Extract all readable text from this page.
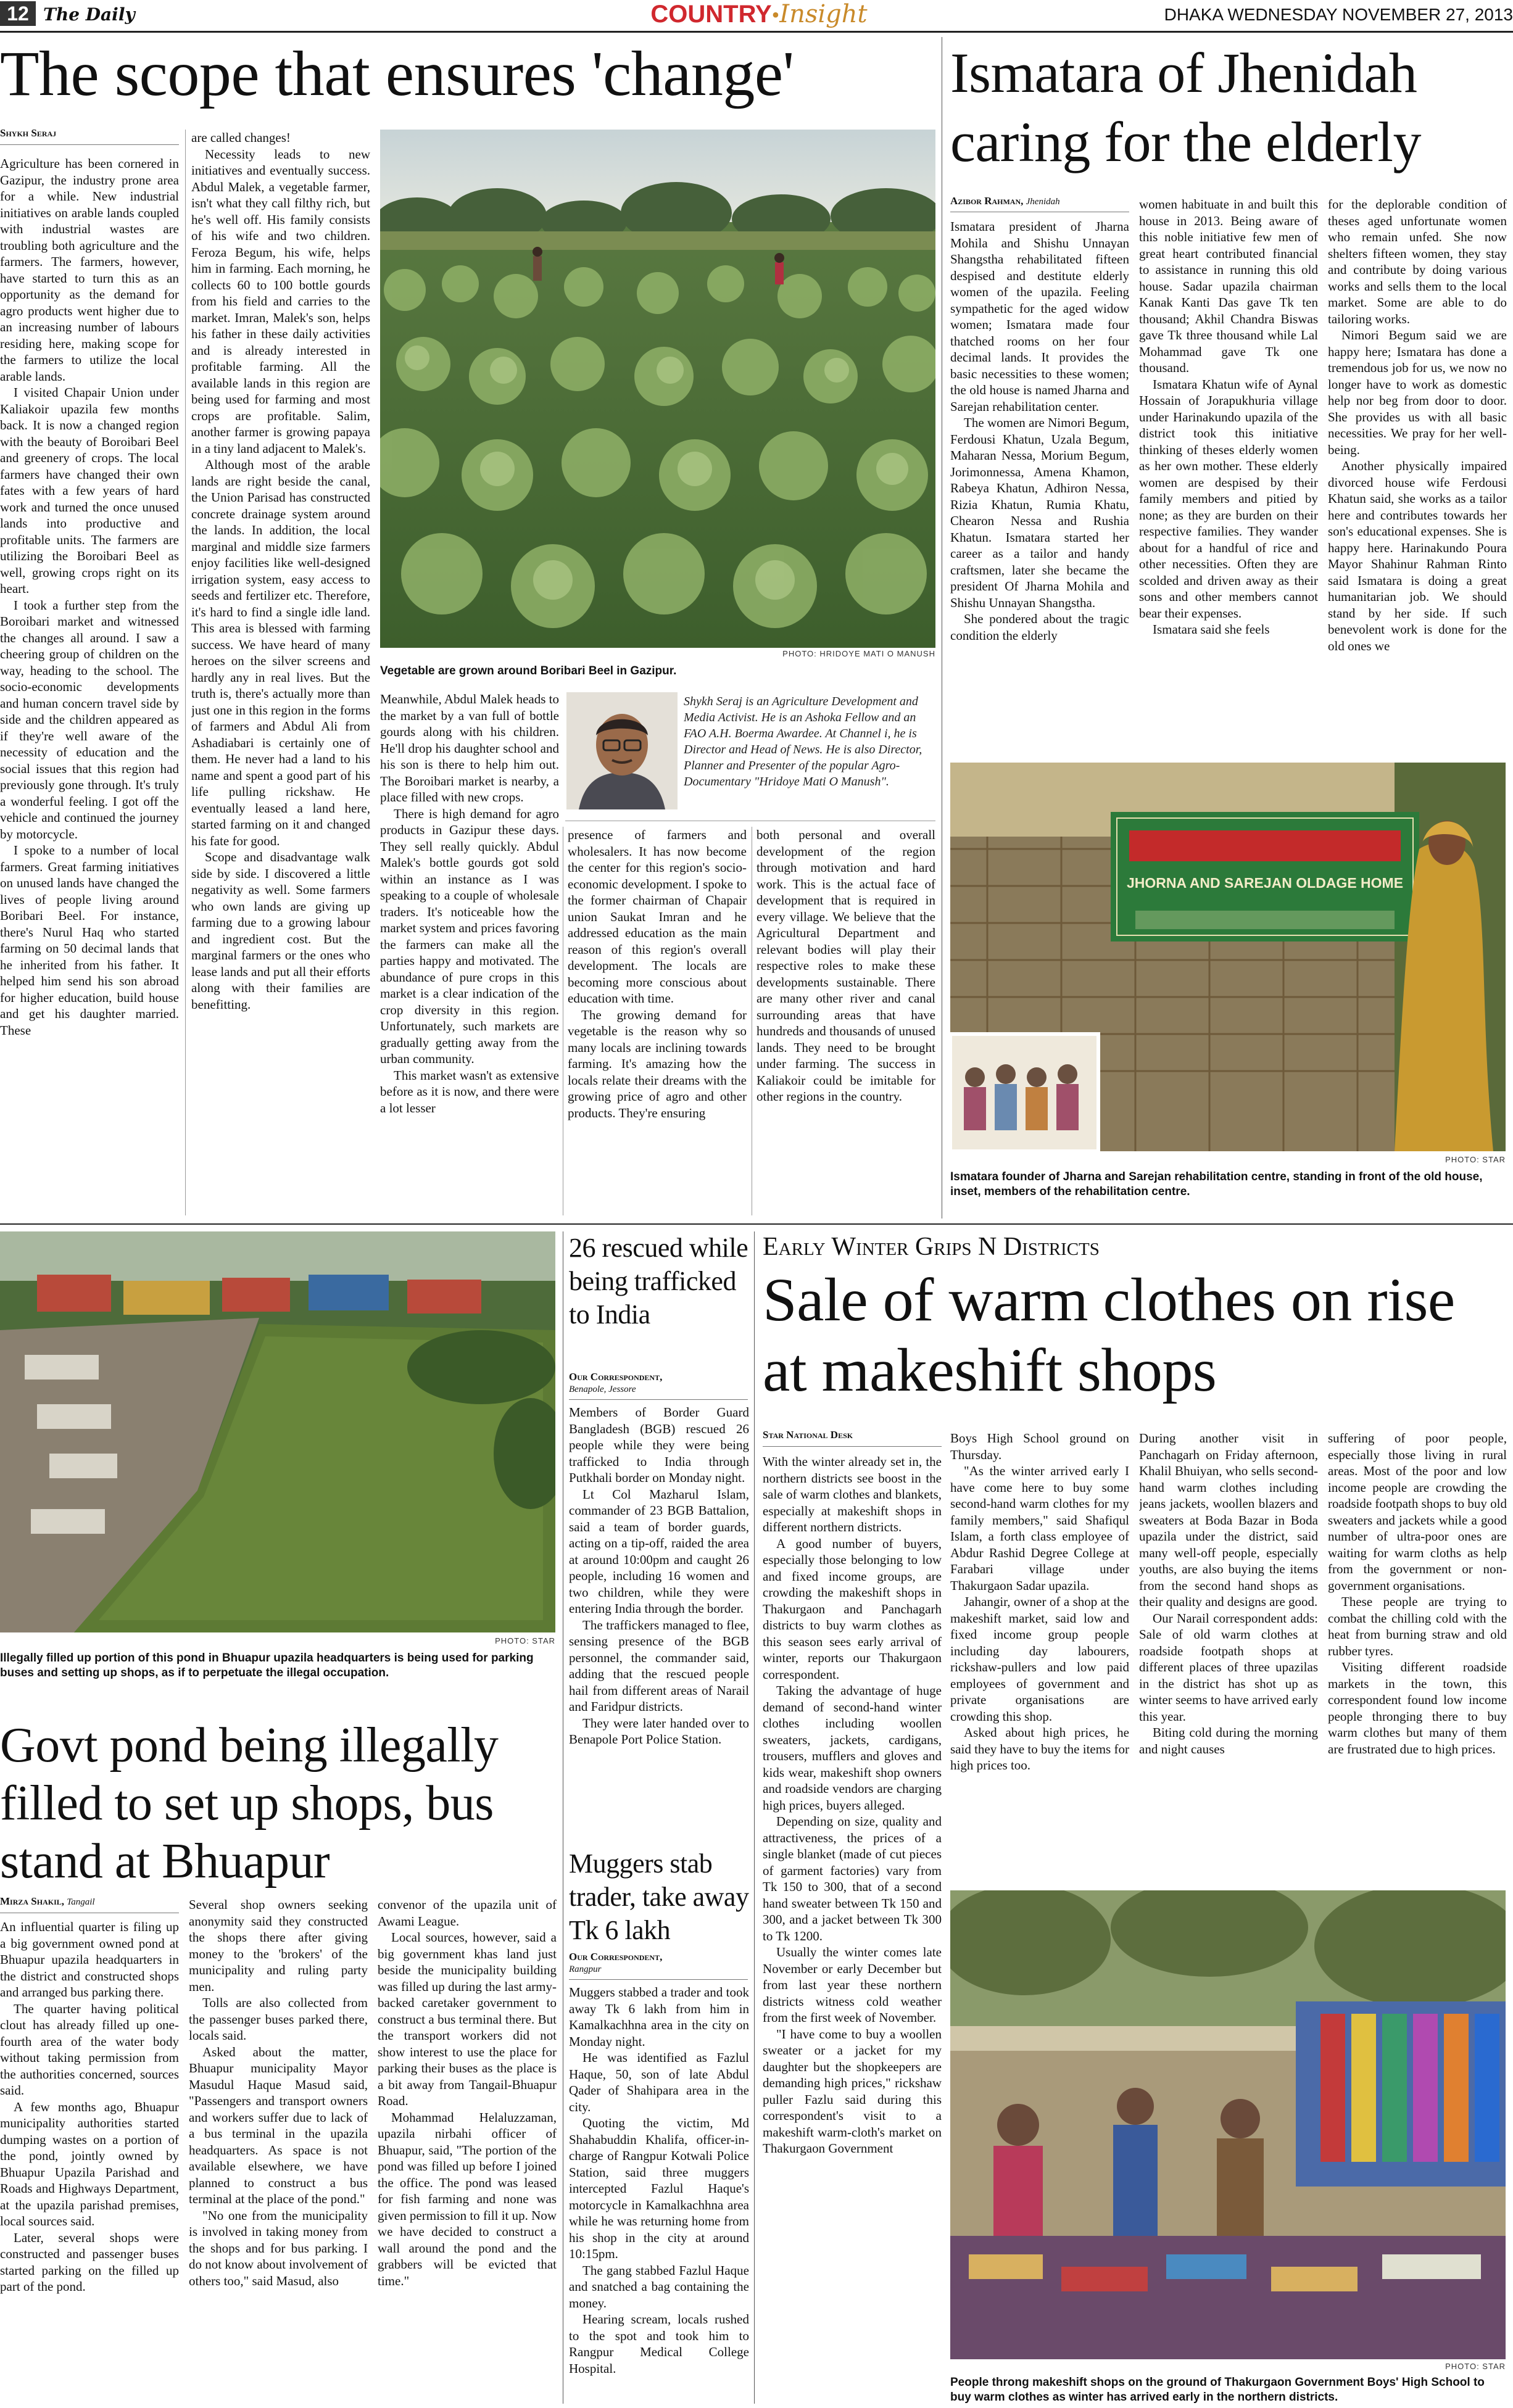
12 The Daily	COUNTRY•Insight	DHAKA WEDNESDAY NOVEMBER 27, 2013
The scope that ensures 'change'
Shykh Seraj
Agriculture has been cornered in Gazipur, the industry prone area for a while. New industrial initiatives on arable lands coupled with industrial wastes are troubling both agriculture and the farmers. The farmers, however, have started to turn this as an opportunity as the demand for agro products went higher due to an increasing number of labours residing here, making scope for the farmers to utilize the local arable lands.
I visited Chapair Union under Kaliakoir upazila few months back. It is now a changed region with the beauty of Boroibari Beel and greenery of crops. The local farmers have changed their own fates with a few years of hard work and turned the once unused lands into productive and profitable units. The farmers are utilizing the Boroibari Beel as well, growing crops right on its heart.
I took a further step from the Boroibari market and witnessed the changes all around. I saw a cheering group of children on the way, heading to the school. The socio-economic developments and human concern travel side by side and the children appeared as if they're well aware of the necessity of education and the social issues that this region had previously gone through. It's truly a wonderful feeling. I got off the vehicle and continued the journey by motorcycle.
I spoke to a number of local farmers. Great farming initiatives on unused lands have changed the lives of people living around Boribari Beel. For instance, there's Nurul Haq who started farming on 50 decimal lands that he inherited from his father. It helped him send his son abroad for higher education, build house and get his daughter married. These
are called changes!
Necessity leads to new initiatives and eventually success. Abdul Malek, a vegetable farmer, isn't what they call filthy rich, but he's well off. His family consists of his wife and two children. Feroza Begum, his wife, helps him in farming. Each morning, he collects 60 to 100 bottle gourds from his field and carries to the market. Imran, Malek's son, helps his father in these daily activities and is already interested in profitable farming. All the available lands in this region are being used for farming and most crops are profitable. Salim, another farmer is growing papaya in a tiny land adjacent to Malek's.
Although most of the arable lands are right beside the canal, the Union Parisad has constructed concrete drainage system around the lands. In addition, the local marginal and middle size farmers enjoy facilities like well-designed irrigation system, easy access to seeds and fertilizer etc. Therefore, it's hard to find a single idle land. This area is blessed with farming success. We have heard of many heroes on the silver screens and hardly any in real lives. But the truth is, there's actually more than just one in this region in the forms of farmers and Abdul Ali from Ashadiabari is certainly one of them. He never had a land to his name and spent a good part of his life pulling rickshaw. He eventually leased a land here, started farming on it and changed his fate for good.
Scope and disadvantage walk side by side. I discovered a little negativity as well. Some farmers who own lands are giving up farming due to a growing labour and ingredient cost. But the marginal farmers or the ones who lease lands and put all their efforts along with their families are benefitting.
PHOTO: HRIDOYE MATI O MANUSH
Vegetable are grown around Boribari Beel in Gazipur.
Shykh Seraj is an Agriculture Development and Media Activist. He is an Ashoka Fellow and an FAO A.H. Boerma Awardee. At Channel i, he is Director and Head of News. He is also Director, Planner and Presenter of the popular Agro-Documentary "Hridoye Mati O Manush".
Meanwhile, Abdul Malek heads to the market by a van full of bottle gourds along with his children. He'll drop his daughter school and his son is there to help him out. The Boroibari market is nearby, a place filled with new crops.
There is high demand for agro products in Gazipur these days. They sell really quickly. Abdul Malek's bottle gourds got sold within an instance as I was speaking to a couple of wholesale traders. It's noticeable how the market system and prices favoring the farmers can make all the parties happy and motivated. The abundance of pure crops in this market is a clear indication of the crop diversity in this region. Unfortunately, such markets are gradually getting away from the urban community.
This market wasn't as extensive before as it is now, and there were a lot lesser
presence of farmers and wholesalers. It has now become the center for this region's socio-economic development. I spoke to the former chairman of Chapair union Saukat Imran and he addressed education as the main reason of this region's overall development. The locals are becoming more conscious about education with time.
The growing demand for vegetable is the reason why so many locals are inclining towards farming. It's amazing how the locals relate their dreams with the growing price of agro and other products. They're ensuring
both personal and overall development of the region through motivation and hard work. This is the actual face of development that is required in every village. We believe that the Agricultural Department and relevant bodies will play their respective roles to make these developments sustainable. There are many other river and canal surrounding areas that have hundreds and thousands of unused lands. They need to be brought under farming. The success in Kaliakoir could be imitable for other regions in the country.
Ismatara of Jhenidah caring for the elderly
Azibor Rahman, Jhenidah
Ismatara president of Jharna Mohila and Shishu Unnayan Shangstha rehabilitated fifteen despised and destitute elderly women of the upazila. Feeling sympathetic for the aged widow women; Ismatara made four thatched rooms on her four decimal lands. It provides the basic necessities to these women; the old house is named Jharna and Sarejan rehabilitation center.
The women are Nimori Begum, Ferdousi Khatun, Uzala Begum, Maharan Nessa, Morium Begum, Jorimonnessa, Amena Khamon, Rabeya Khatun, Adhiron Nessa, Rizia Khatun, Rumia Khatu, Chearon Nessa and Rushia Khatun. Ismatara started her career as a tailor and handy craftsmen, later she became the president Of Jharna Mohila and Shishu Unnayan Shangstha.
She pondered about the tragic condition the elderly
women habituate in and built this house in 2013. Being aware of this noble initiative few men of great heart contributed financial to assistance in running this old house. Sadar upazila chairman Kanak Kanti Das gave Tk ten thousand; Akhil Chandra Biswas gave Tk three thousand while Lal Mohammad gave Tk one thousand.
Ismatara Khatun wife of Aynal Hossain of Jorapukhuria village under Harinakundo upazila of the district took this initiative thinking of theses elderly women as her own mother. These elderly women are despised by their family members and pitied by none; as they are burden on their respective families. They wander about for a handful of rice and other necessities. Often they are scolded and driven away as their sons and other members cannot bear their expenses.
Ismatara said she feels
for the deplorable condition of theses aged unfortunate women who remain unfed. She now shelters fifteen women, they stay and contribute by doing various works and sells them to the local market. Some are able to do tailoring works.
Nimori Begum said we are happy here; Ismatara has done a tremendous job for us, we now no longer have to work as domestic help nor beg from door to door. She provides us with all basic necessities. We pray for her well-being.
Another physically impaired divorced house wife Ferdousi Khatun said, she works as a tailor here and contributes towards her son's educational expenses. She is happy here. Harinakundo Poura Mayor Shahinur Rahman Rinto said Ismatara is doing a great humanitarian job. We should stand by her side. If such benevolent work is done for the old ones we
JHORNA AND SAREJAN OLDAGE HOME
PHOTO: STAR
Ismatara founder of Jharna and Sarejan rehabilitation centre, standing in front of the old house, inset, members of the rehabilitation centre.
PHOTO: STAR
Illegally filled up portion of this pond in Bhuapur upazila headquarters is being used for parking buses and setting up shops, as if to perpetuate the illegal occupation.
Govt pond being illegally filled to set up shops, bus stand at Bhuapur
Mirza Shakil, Tangail
An influential quarter is filing up a big government owned pond at Bhuapur upazila headquarters in the district and constructed shops and arranged bus parking there.
The quarter having political clout has already filled up one-fourth area of the water body without taking permission from the authorities concerned, sources said.
A few months ago, Bhuapur municipality authorities started dumping wastes on a portion of the pond, jointly owned by Bhuapur Upazila Parishad and Roads and Highways Department, at the upazila parishad premises, local sources said.
Later, several shops were constructed and passenger buses started parking on the filled up part of the pond.
Several shop owners seeking anonymity said they constructed the shops there after giving money to the 'brokers' of the municipality and ruling party men.
Tolls are also collected from the passenger buses parked there, locals said.
Asked about the matter, Bhuapur municipality Mayor Masudul Haque Masud said, "Passengers and transport owners and workers suffer due to lack of a bus terminal in the upazila headquarters. As space is not available elsewhere, we have planned to construct a bus terminal at the place of the pond."
"No one from the municipality is involved in taking money from the shops and for bus parking. I do not know about involvement of others too," said Masud, also
convenor of the upazila unit of Awami League.
Local sources, however, said a big government khas land just beside the municipality building was filled up during the last army-backed caretaker government to construct a bus terminal there. But the transport workers did not show interest to use the place for parking their buses as the place is a bit away from Tangail-Bhuapur Road.
Mohammad Helaluzzaman, upazila nirbahi officer of Bhuapur, said, "The portion of the pond was filled up before I joined the office. The pond was leased for fish farming and none was given permission to fill it up. Now we have decided to construct a wall around the pond and the grabbers will be evicted that time."
26 rescued while being trafficked to India
Our Correspondent,
Benapole, Jessore
Members of Border Guard Bangladesh (BGB) rescued 26 people while they were being trafficked to India through Putkhali border on Monday night.
Lt Col Mazharul Islam, commander of 23 BGB Battalion, said a team of border guards, acting on a tip-off, raided the area at around 10:00pm and caught 26 people, including 16 women and two children, while they were entering India through the border.
The traffickers managed to flee, sensing presence of the BGB personnel, the commander said, adding that the rescued people hail from different areas of Narail and Faridpur districts.
They were later handed over to Benapole Port Police Station.
Muggers stab trader, take away Tk 6 lakh
Our Correspondent,
Rangpur
Muggers stabbed a trader and took away Tk 6 lakh from him in Kamalkachhna area in the city on Monday night.
He was identified as Fazlul Haque, 50, son of late Abdul Qader of Shahipara area in the city.
Quoting the victim, Md Shahabuddin Khalifa, officer-in-charge of Rangpur Kotwali Police Station, said three muggers intercepted Fazlul Haque's motorcycle in Kamalkachhna area while he was returning home from his shop in the city at around 10:15pm.
The gang stabbed Fazlul Haque and snatched a bag containing the money.
Hearing scream, locals rushed to the spot and took him to Rangpur Medical College Hospital.
Early Winter Grips N Districts
Sale of warm clothes on rise at makeshift shops
Star National Desk
With the winter already set in, the northern districts see boost in the sale of warm clothes and blankets, especially at makeshift shops in different northern districts.
A good number of buyers, especially those belonging to low and fixed income groups, are crowding the makeshift shops in Thakurgaon and Panchagarh districts to buy warm clothes as this season sees early arrival of winter, reports our Thakurgaon correspondent.
Taking the advantage of huge demand of second-hand winter clothes including woollen sweaters, jackets, cardigans, trousers, mufflers and gloves and kids wear, makeshift shop owners and roadside vendors are charging high prices, buyers alleged.
Depending on size, quality and attractiveness, the prices of a single blanket (made of cut pieces of garment factories) vary from Tk 150 to 300, that of a second hand sweater between Tk 150 and 300, and a jacket between Tk 300 to Tk 1200.
Usually the winter comes late November or early December but from last year these northern districts witness cold weather from the first week of November.
"I have come to buy a woollen sweater or a jacket for my daughter but the shopkeepers are demanding high prices," rickshaw puller Fazlu said during this correspondent's visit to a makeshift warm-cloth's market on Thakurgaon Government
Boys High School ground on Thursday.
"As the winter arrived early I have come here to buy some second-hand warm clothes for my family members," said Shafiqul Islam, a forth class employee of Abdur Rashid Degree College at Farabari village under Thakurgaon Sadar upazila.
Jahangir, owner of a shop at the makeshift market, said low and fixed income group people including day labourers, rickshaw-pullers and low paid employees of government and private organisations are crowding this shop.
Asked about high prices, he said they have to buy the items for high prices too.
During another visit in Panchagarh on Friday afternoon, Khalil Bhuiyan, who sells second-hand warm clothes including jeans jackets, woollen blazers and sweaters at Boda Bazar in Boda upazila under the district, said many well-off people, especially youths, are also buying the items from the second hand shops as their quality and designs are good.
Our Narail correspondent adds: Sale of old warm clothes at roadside footpath shops at different places of three upazilas in the district has shot up as winter seems to have arrived early this year.
Biting cold during the morning and night causes
suffering of poor people, especially those living in rural areas. Most of the poor and low income people are crowding the roadside footpath shops to buy old sweaters and jackets while a good number of ultra-poor ones are waiting for warm cloths as help from the government or non-government organisations.
These people are trying to combat the chilling cold with the heat from burning straw and old rubber tyres.
Visiting different roadside markets in the town, this correspondent found low income people thronging there to buy warm clothes but many of them are frustrated due to high prices.
PHOTO: STAR
People throng makeshift shops on the ground of Thakurgaon Government Boys' High School to buy warm clothes as winter has arrived early in the northern districts.
